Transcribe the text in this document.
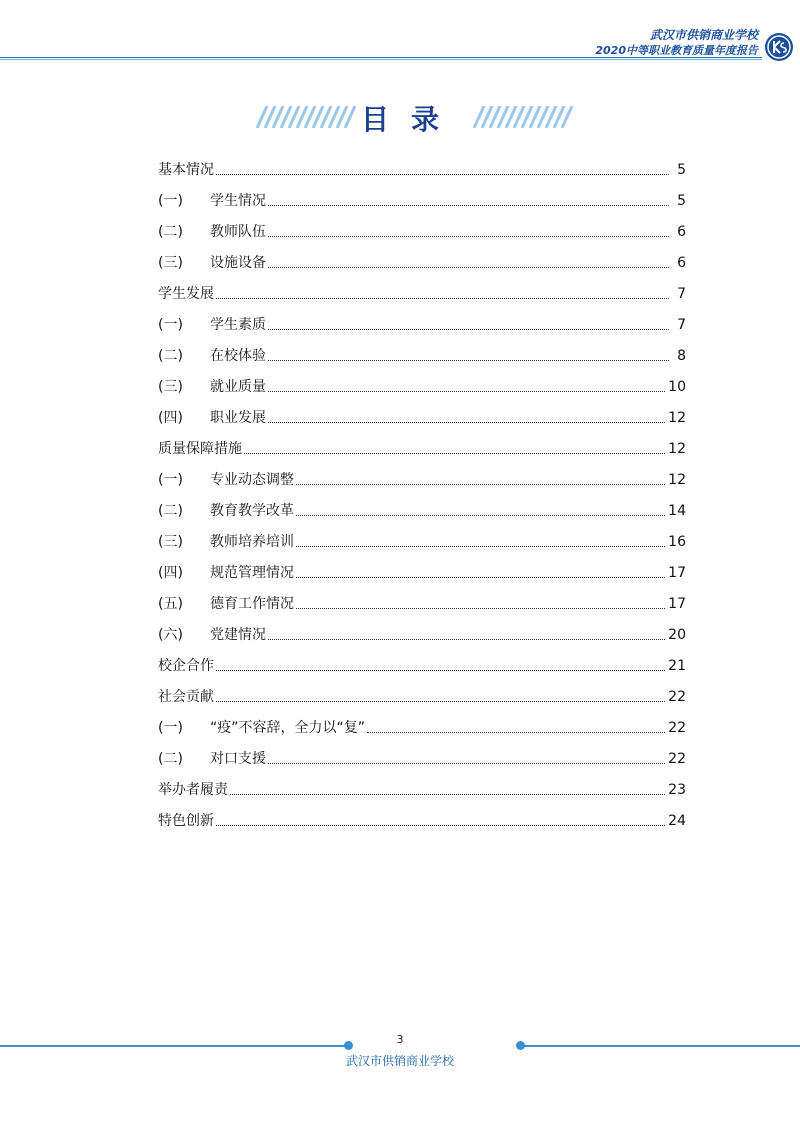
武汉市供销商业学校
2020中等职业教育质量年度报告
目录
基本情况	5
(一)	学生情况	5
(二)	教师队伍	6
(三)	设施设备	6
学生发展	7
(一)	学生素质	7
(二)	在校体验	8
(三)	就业质量	10
(四)	职业发展	12
质量保障措施	12
(一)	专业动态调整	12
(二)	教育教学改革	14
(三)	教师培养培训	16
(四)	规范管理情况	17
(五)	德育工作情况	17
(六)	党建情况	20
校企合作	21
社会贡献	22
(一)	“疫”不容辞，全力以“复”	22
(二)	对口支援	22
举办者履责	23
特色创新	24
3
武汉市供销商业学校
